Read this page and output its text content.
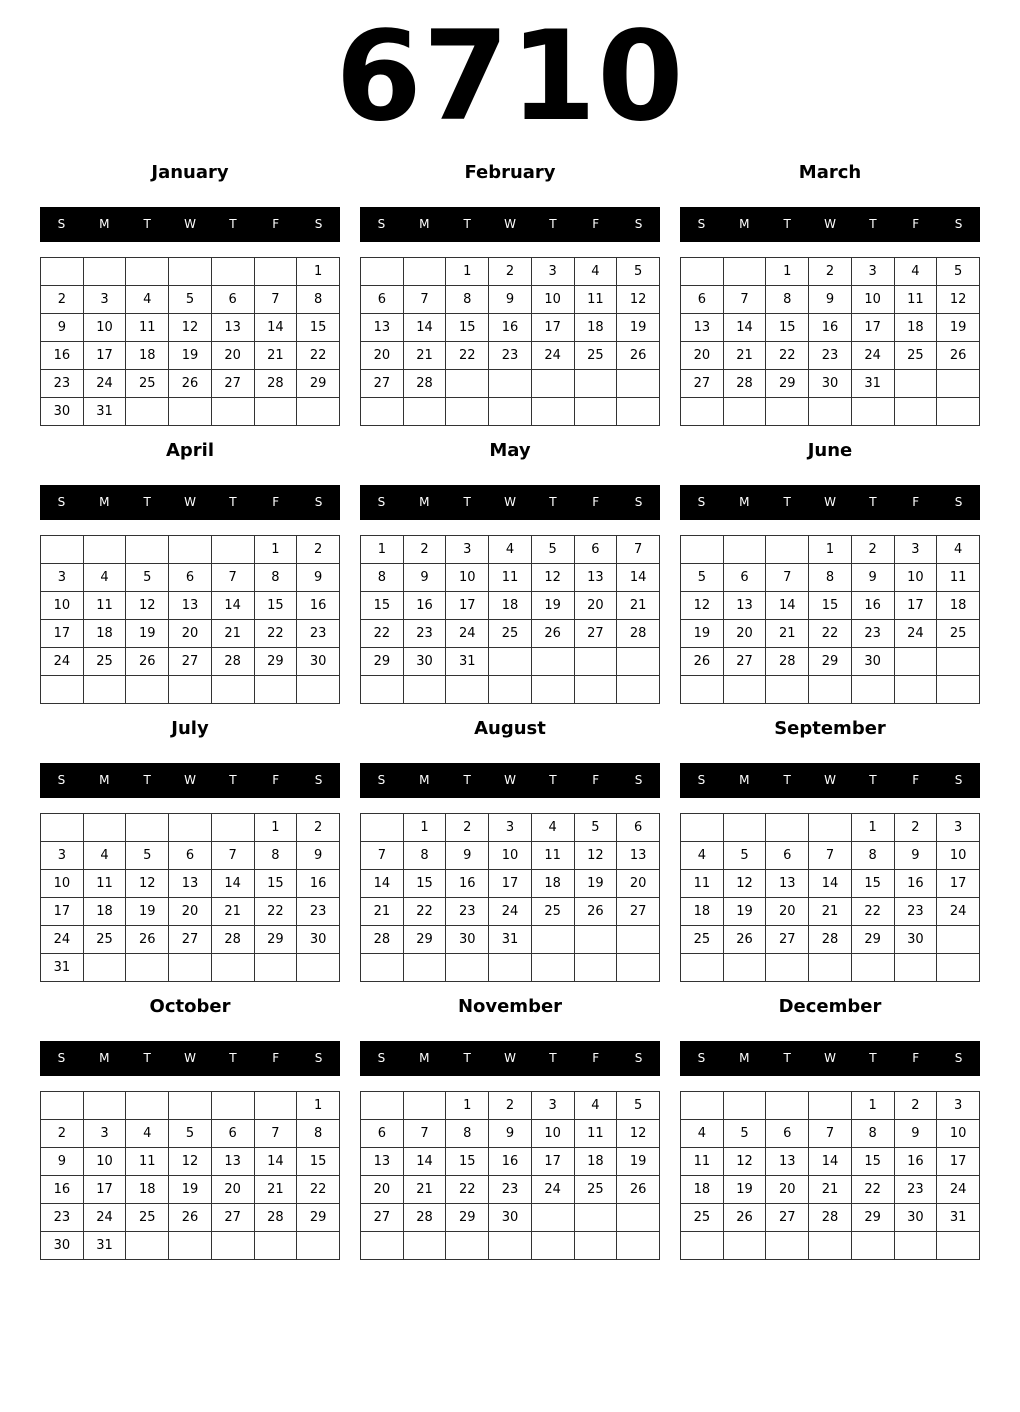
6710
January
S	M	T	W	T	F	S
						1
2	3	4	5	6	7	8
9	10	11	12	13	14	15
16	17	18	19	20	21	22
23	24	25	26	27	28	29
30	31					
February
S	M	T	W	T	F	S
		1	2	3	4	5
6	7	8	9	10	11	12
13	14	15	16	17	18	19
20	21	22	23	24	25	26
27	28					

March
S	M	T	W	T	F	S
		1	2	3	4	5
6	7	8	9	10	11	12
13	14	15	16	17	18	19
20	21	22	23	24	25	26
27	28	29	30	31		

April
S	M	T	W	T	F	S
					1	2
3	4	5	6	7	8	9
10	11	12	13	14	15	16
17	18	19	20	21	22	23
24	25	26	27	28	29	30

May
S	M	T	W	T	F	S
1	2	3	4	5	6	7
8	9	10	11	12	13	14
15	16	17	18	19	20	21
22	23	24	25	26	27	28
29	30	31				

June
S	M	T	W	T	F	S
			1	2	3	4
5	6	7	8	9	10	11
12	13	14	15	16	17	18
19	20	21	22	23	24	25
26	27	28	29	30		

July
S	M	T	W	T	F	S
					1	2
3	4	5	6	7	8	9
10	11	12	13	14	15	16
17	18	19	20	21	22	23
24	25	26	27	28	29	30
31						
August
S	M	T	W	T	F	S
	1	2	3	4	5	6
7	8	9	10	11	12	13
14	15	16	17	18	19	20
21	22	23	24	25	26	27
28	29	30	31			

September
S	M	T	W	T	F	S
				1	2	3
4	5	6	7	8	9	10
11	12	13	14	15	16	17
18	19	20	21	22	23	24
25	26	27	28	29	30	

October
S	M	T	W	T	F	S
						1
2	3	4	5	6	7	8
9	10	11	12	13	14	15
16	17	18	19	20	21	22
23	24	25	26	27	28	29
30	31					
November
S	M	T	W	T	F	S
		1	2	3	4	5
6	7	8	9	10	11	12
13	14	15	16	17	18	19
20	21	22	23	24	25	26
27	28	29	30			

December
S	M	T	W	T	F	S
				1	2	3
4	5	6	7	8	9	10
11	12	13	14	15	16	17
18	19	20	21	22	23	24
25	26	27	28	29	30	31
